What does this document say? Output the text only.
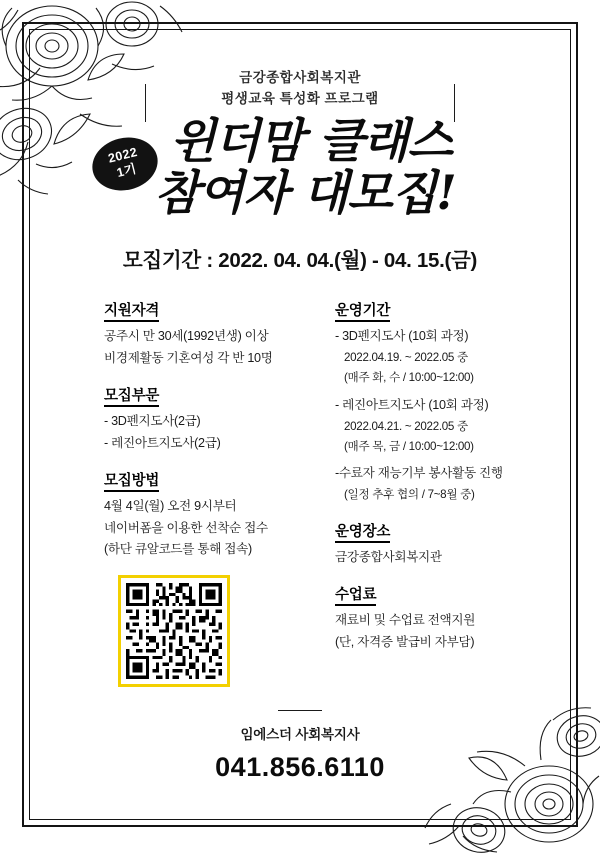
금강종합사회복지관
평생교육 특성화 프로그램
2022
1기
윈더맘 클래스
참여자 대모집!
모집기간 : 2022. 04. 04.(월) - 04. 15.(금)
지원자격

공주시 만 30세(1992년생) 이상

비경제활동 기혼여성 각 반 10명

모집부문

- 3D펜지도사(2급)

- 레진아트지도사(2급)

모집방법

4월 4일(월) 오전 9시부터

네이버폼을 이용한 선착순 접수

(하단 큐알코드를 통해 접속)

운영기간

- 3D펜지도사 (10회 과정)

2022.04.19. ~ 2022.05 중

(매주 화, 수 / 10:00~12:00)

- 레진아트지도사 (10회 과정)

2022.04.21. ~ 2022.05 중

(매주 목, 금 / 10:00~12:00)

-수료자 재능기부 봉사활동 진행

(일정 추후 협의 / 7~8월 중)

운영장소

금강종합사회복지관

수업료

재료비 및 수업료 전액지원

(단, 자격증 발급비 자부담)

임에스더 사회복지사
041.856.6110
